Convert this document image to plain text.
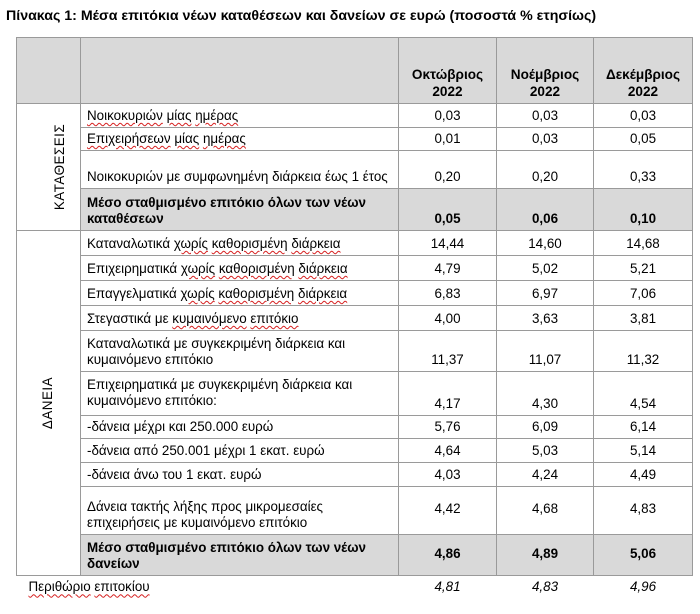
Πίνακας 1: Μέσα επιτόκια νέων καταθέσεων και δανείων σε ευρώ (ποσοστά % ετησίως)
		Οκτώβριος 2022	Νοέμβριος 2022	Δεκέμβριος 2022
ΚΑΤΑΘΕΣΕΙΣ	Νοικοκυριών μίας ημέρας	0,03	0,03	0,03
	Επιχειρήσεων μίας ημέρας	0,01	0,03	0,05
	Νοικοκυριών με συμφωνημένη διάρκεια έως 1 έτος	0,20	0,20	0,33
	Μέσο σταθμισμένο επιτόκιο όλων των νέων καταθέσεων	0,05	0,06	0,10
ΔΑΝΕΙΑ	Καταναλωτικά χωρίς καθορισμένη διάρκεια	14,44	14,60	14,68
	Επιχειρηματικά χωρίς καθορισμένη διάρκεια	4,79	5,02	5,21
	Επαγγελματικά χωρίς καθορισμένη διάρκεια	6,83	6,97	7,06
	Στεγαστικά με κυμαινόμενο επιτόκιο	4,00	3,63	3,81
	Καταναλωτικά με συγκεκριμένη διάρκεια και κυμαινόμενο επιτόκιο	11,37	11,07	11,32
	Επιχειρηματικά με συγκεκριμένη διάρκεια και κυμαινόμενο επιτόκιο:	4,17	4,30	4,54
	-δάνεια μέχρι και 250.000 ευρώ	5,76	6,09	6,14
	-δάνεια από 250.001 μέχρι 1 εκατ. ευρώ	4,64	5,03	5,14
	-δάνεια άνω του 1 εκατ. ευρώ	4,03	4,24	4,49
	Δάνεια τακτής λήξης προς μικρομεσαίες επιχειρήσεις με κυμαινόμενο επιτόκιο	4,42	4,68	4,83
	Μέσο σταθμισμένο επιτόκιο όλων των νέων δανείων	4,86	4,89	5,06
Περιθώριο επιτοκίου		4,81	4,83	4,96
